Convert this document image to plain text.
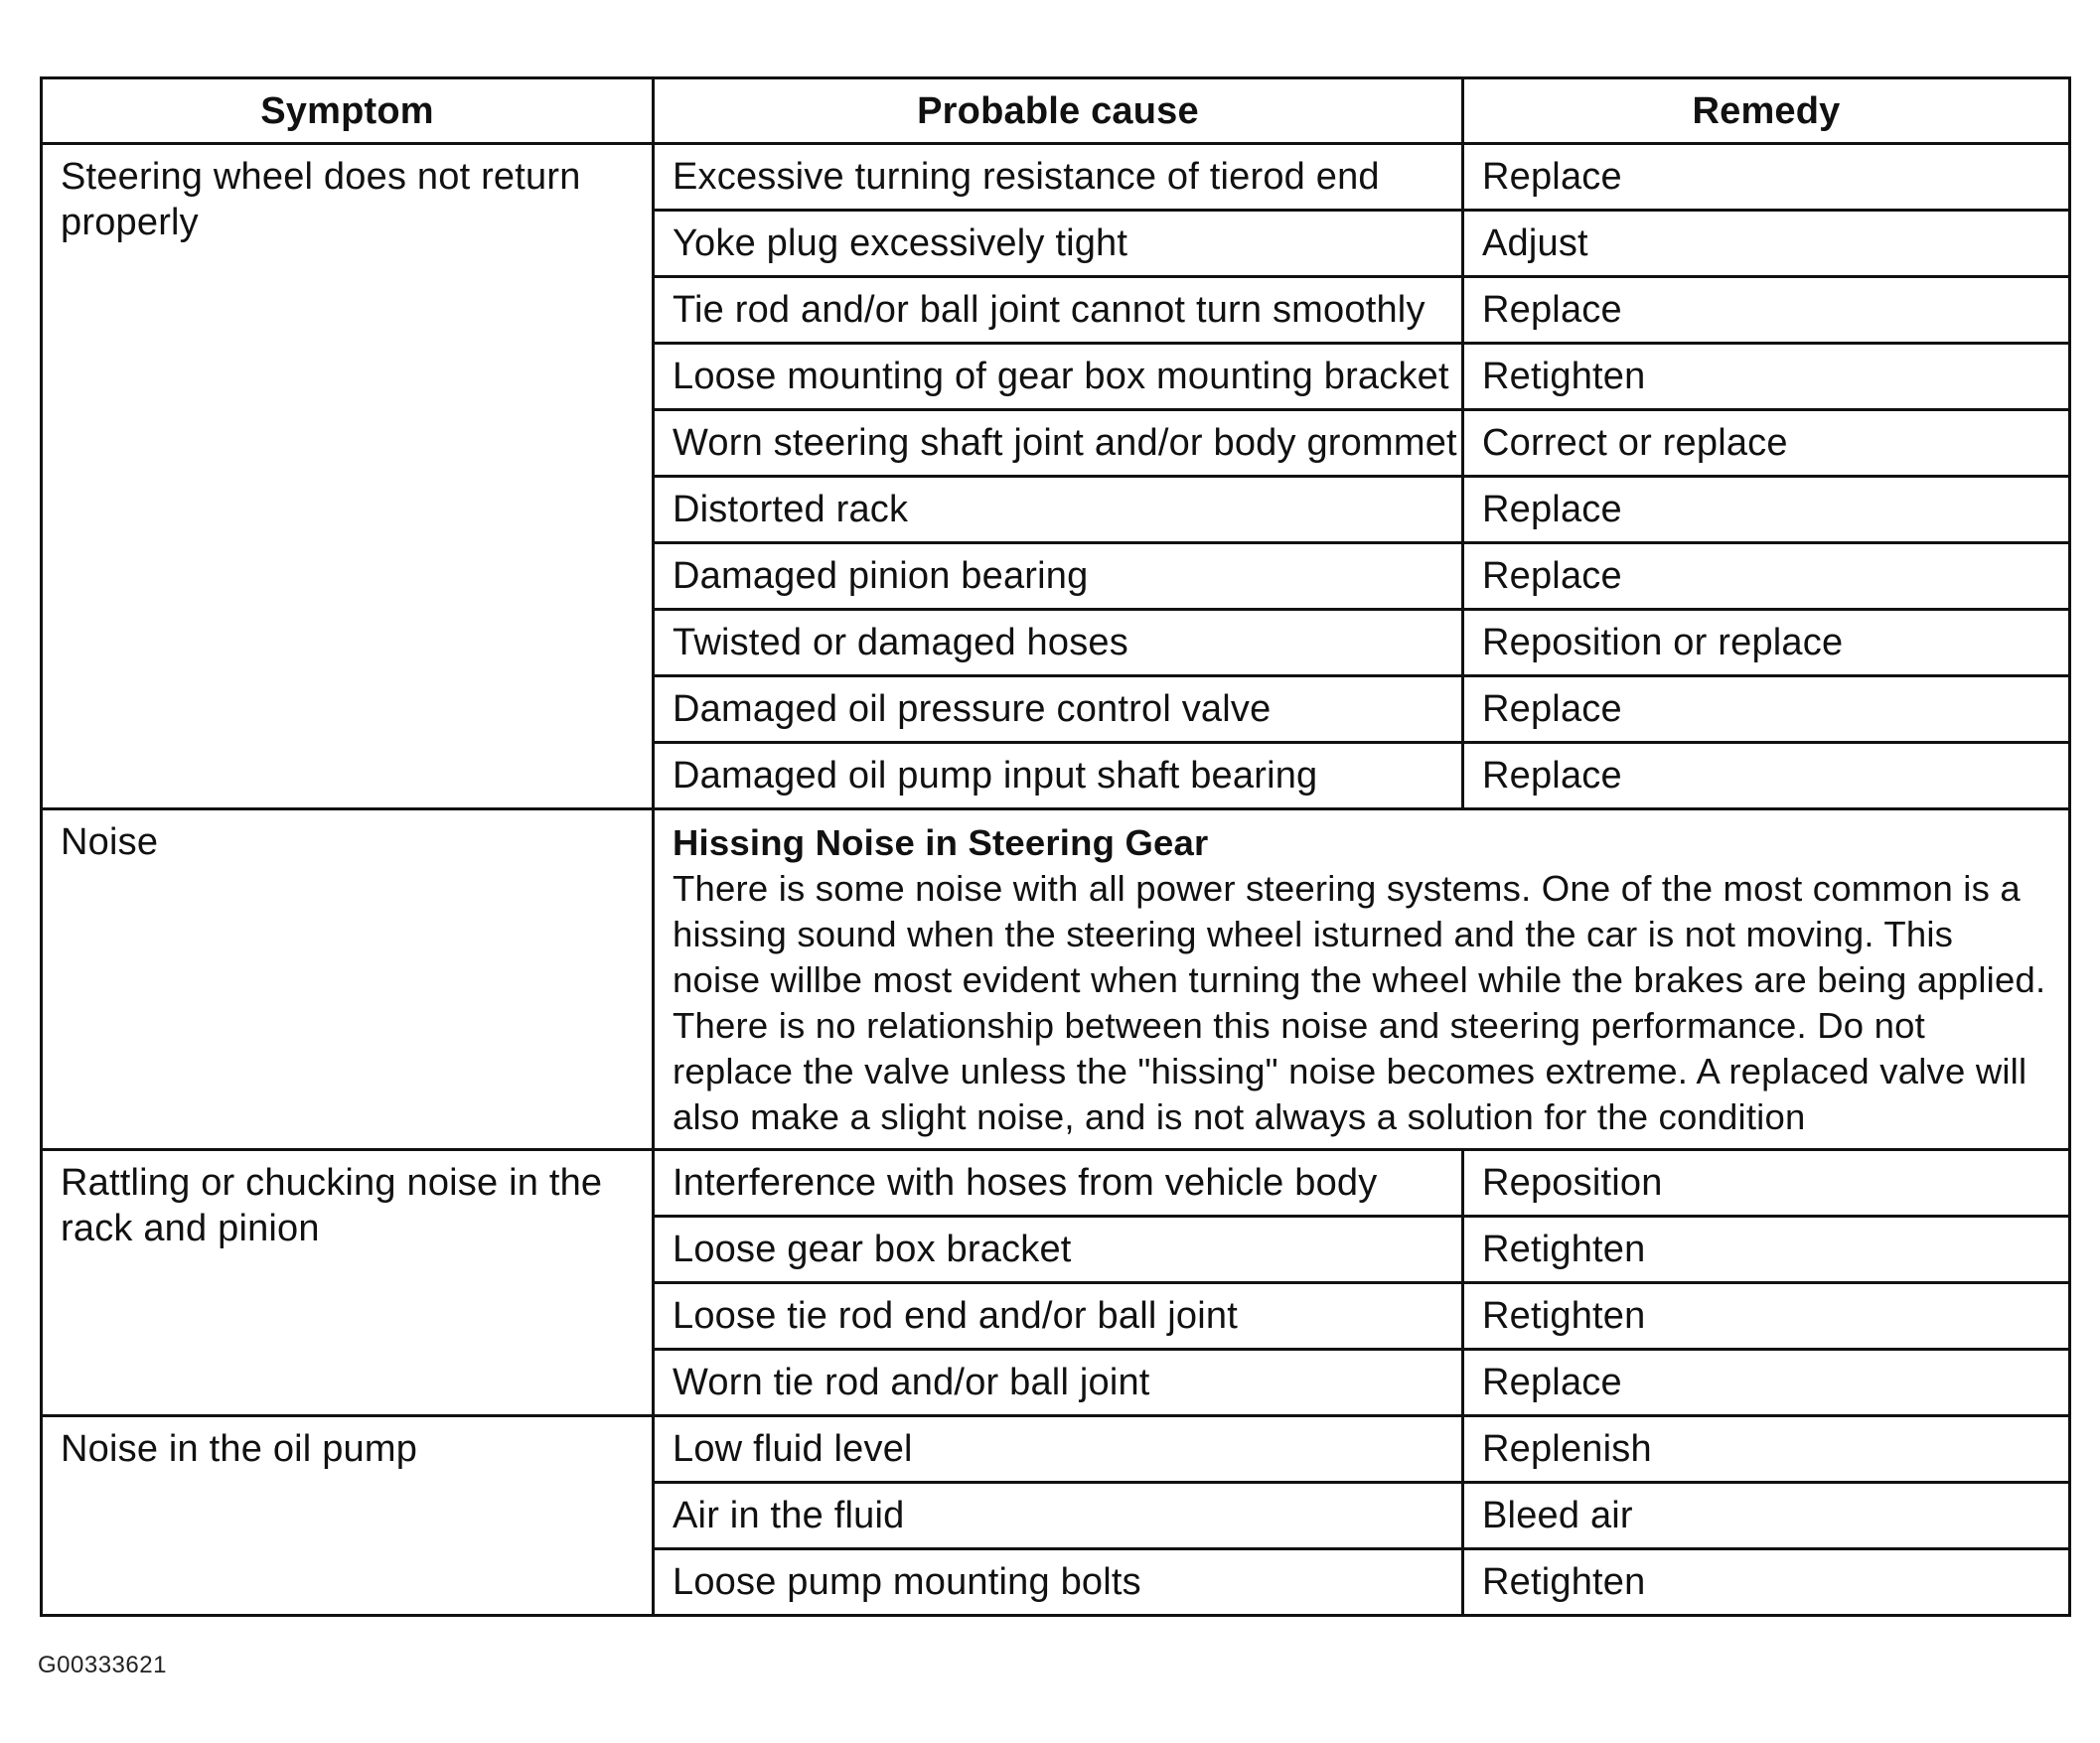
Symptom	Probable cause	Remedy
Steering wheel does not return properly	Excessive turning resistance of tierod end	Replace
	Yoke plug excessively tight	Adjust
	Tie rod and/or ball joint cannot turn smoothly	Replace
	Loose mounting of gear box mounting bracket	Retighten
	Worn steering shaft joint and/or body grommet	Correct or replace
	Distorted rack	Replace
	Damaged pinion bearing	Replace
	Twisted or damaged hoses	Reposition or replace
	Damaged oil pressure control valve	Replace
	Damaged oil pump input shaft bearing	Replace
Noise	Hissing Noise in Steering Gear
There is some noise with all power steering systems. One of the most common is a hissing sound when the steering wheel isturned and the car is not moving. This noise willbe most evident when turning the wheel while the brakes are being applied. There is no relationship between this noise and steering performance. Do not replace the valve unless the "hissing" noise becomes extreme. A replaced valve will also make a slight noise, and is not always a solution for the condition	

Rattling or chucking noise in the rack and pinion	Interference with hoses from vehicle body	Reposition
	Loose gear box bracket	Retighten
	Loose tie rod end and/or ball joint	Retighten
	Worn tie rod and/or ball joint	Replace
Noise in the oil pump	Low fluid level	Replenish
	Air in the fluid	Bleed air
	Loose pump mounting bolts	Retighten
G00333621
